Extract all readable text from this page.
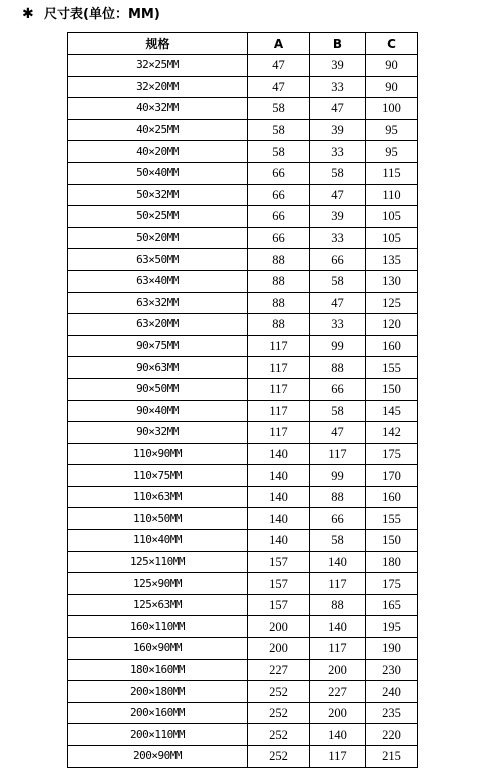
✱ 尺寸表(单位：MM)
规格	A	B	C
32×25MM	47	39	90
32×20MM	47	33	90
40×32MM	58	47	100
40×25MM	58	39	95
40×20MM	58	33	95
50×40MM	66	58	115
50×32MM	66	47	110
50×25MM	66	39	105
50×20MM	66	33	105
63×50MM	88	66	135
63×40MM	88	58	130
63×32MM	88	47	125
63×20MM	88	33	120
90×75MM	117	99	160
90×63MM	117	88	155
90×50MM	117	66	150
90×40MM	117	58	145
90×32MM	117	47	142
110×90MM	140	117	175
110×75MM	140	99	170
110×63MM	140	88	160
110×50MM	140	66	155
110×40MM	140	58	150
125×110MM	157	140	180
125×90MM	157	117	175
125×63MM	157	88	165
160×110MM	200	140	195
160×90MM	200	117	190
180×160MM	227	200	230
200×180MM	252	227	240
200×160MM	252	200	235
200×110MM	252	140	220
200×90MM	252	117	215
